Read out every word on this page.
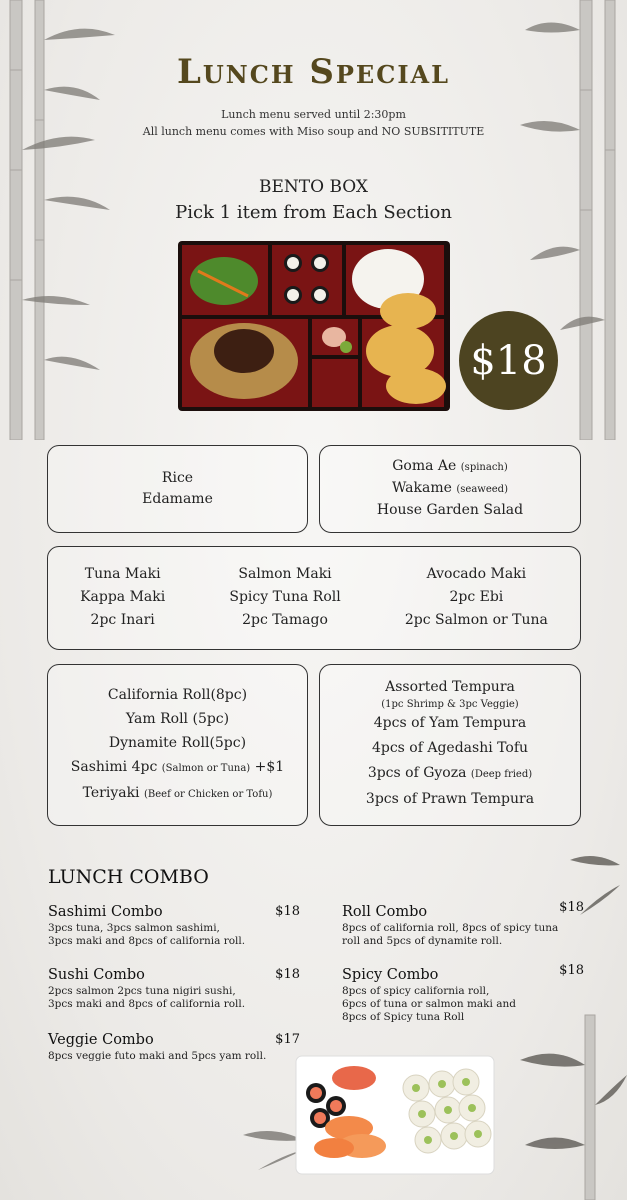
Lunch Special
Lunch menu served until 2:30pm
All lunch menu comes with Miso soup and NO SUBSITITUTE
BENTO BOX
Pick 1 item from Each Section
$18
Rice
Edamame
Goma Ae (spinach)
Wakame (seaweed)
House Garden Salad
Tuna Maki
Kappa Maki
2pc Inari
Salmon Maki
Spicy Tuna Roll
2pc Tamago
Avocado Maki
2pc Ebi
2pc Salmon or Tuna
California Roll(8pc)
Yam Roll (5pc)
Dynamite Roll(5pc)
Sashimi 4pc (Salmon or Tuna) +$1
Teriyaki (Beef or Chicken or Tofu)
Assorted Tempura
(1pc Shrimp & 3pc Veggie)
4pcs of Yam Tempura
4pcs of Agedashi Tofu
3pcs of Gyoza (Deep fried)
3pcs of Prawn Tempura
LUNCH COMBO
Sashimi Combo	$18
3pcs tuna, 3pcs salmon sashimi,
3pcs maki and 8pcs of california roll.
Roll Combo	$18
8pcs of california roll, 8pcs of spicy tuna
roll and 5pcs of dynamite roll.
Sushi Combo	$18
2pcs salmon 2pcs tuna nigiri sushi,
3pcs maki and 8pcs of california roll.
Spicy Combo	$18
8pcs of spicy california roll,
6pcs of tuna or salmon maki and
8pcs of Spicy tuna Roll
Veggie Combo	$17
8pcs veggie futo maki and 5pcs yam roll.
